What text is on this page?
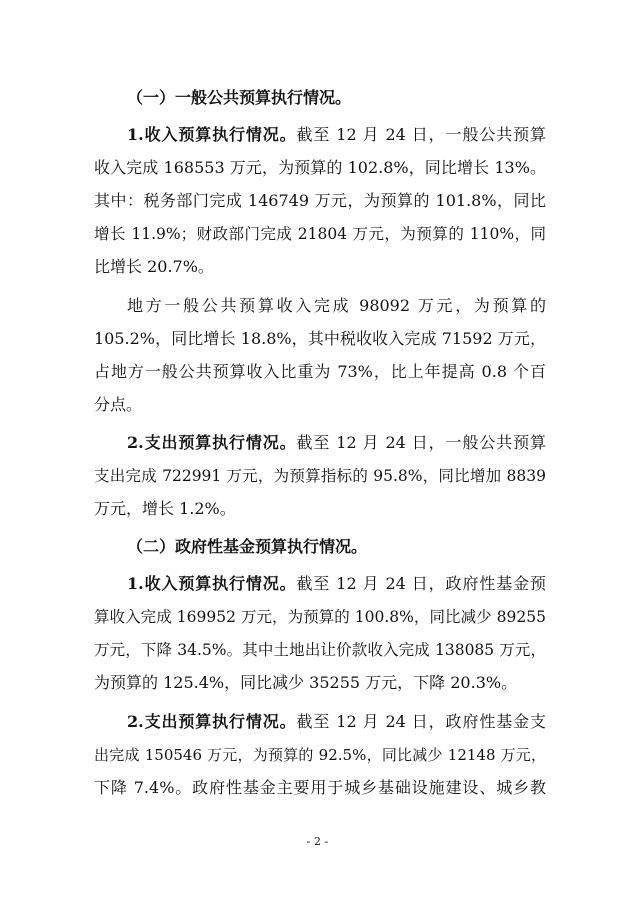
（一）一般公共预算执行情况。
1.收入预算执行情况。截至 12 月 24 日，一般公共预算
收入完成 168553 万元，为预算的 102.8%，同比增长 13%。
其中：税务部门完成 146749 万元，为预算的 101.8%，同比
增长 11.9%；财政部门完成 21804 万元，为预算的 110%，同
比增长 20.7%。
地方一般公共预算收入完成 98092 万元，为预算的
105.2%，同比增长 18.8%，其中税收收入完成 71592 万元，
占地方一般公共预算收入比重为 73%，比上年提高 0.8 个百
分点。
2.支出预算执行情况。截至 12 月 24 日，一般公共预算
支出完成 722991 万元，为预算指标的 95.8%，同比增加 8839
万元，增长 1.2%。
（二）政府性基金预算执行情况。
1.收入预算执行情况。截至 12 月 24 日，政府性基金预
算收入完成 169952 万元，为预算的 100.8%，同比减少 89255
万元，下降 34.5%。其中土地出让价款收入完成 138085 万元，
为预算的 125.4%，同比减少 35255 万元，下降 20.3%。
2.支出预算执行情况。截至 12 月 24 日，政府性基金支
出完成 150546 万元，为预算的 92.5%，同比减少 12148 万元，
下降 7.4%。政府性基金主要用于城乡基础设施建设、城乡教
- 2 -
